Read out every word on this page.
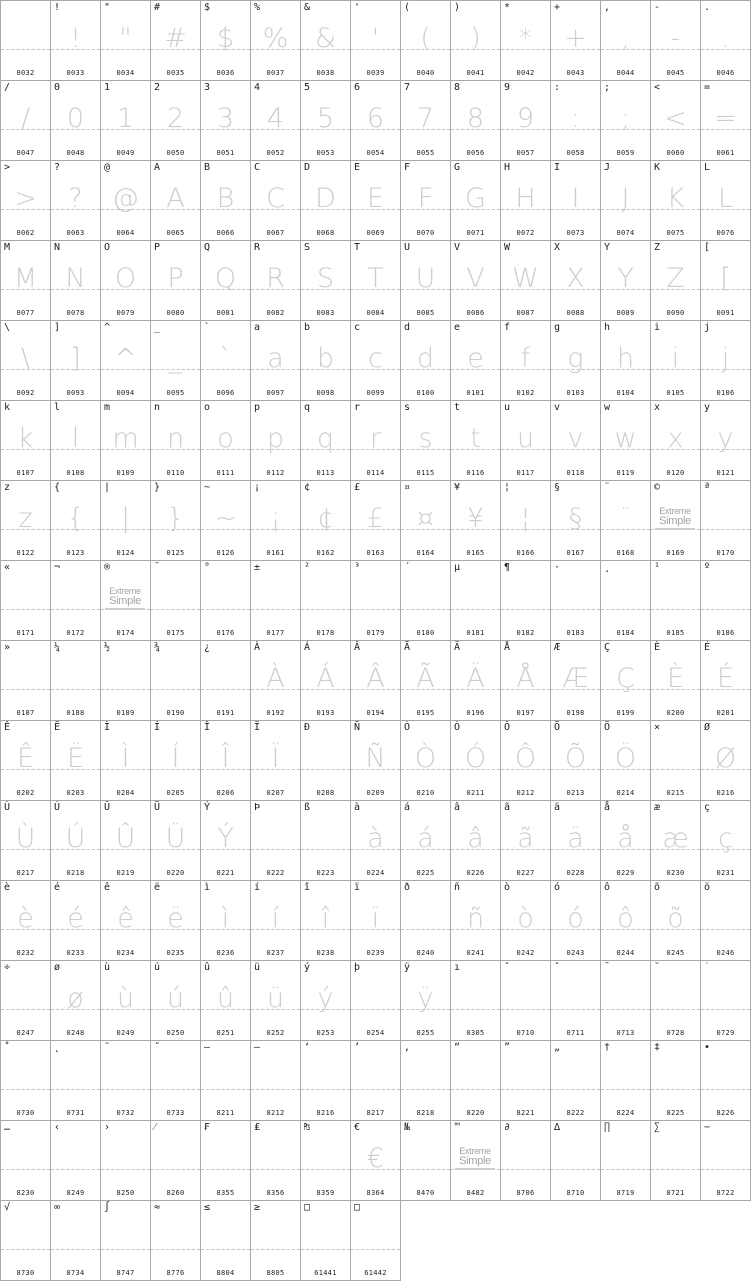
0032
!
!
0033
"
"
0034
#
#
0035
$
$
0036
%
%
0037
&
&
0038
'
'
0039
(
(
0040
)
)
0041
*
*
0042
+
+
0043
,
,
0044
-
-
0045
.
.
0046
/
/
0047
0
0
0048
1
1
0049
2
2
0050
3
3
0051
4
4
0052
5
5
0053
6
6
0054
7
7
0055
8
8
0056
9
9
0057
:
:
0058
;
;
0059
<
<
0060
=
=
0061
>
>
0062
?
?
0063
@
@
0064
A
A
0065
B
B
0066
C
C
0067
D
D
0068
E
E
0069
F
F
0070
G
G
0071
H
H
0072
I
I
0073
J
J
0074
K
K
0075
L
L
0076
M
M
0077
N
N
0078
O
O
0079
P
P
0080
Q
Q
0081
R
R
0082
S
S
0083
T
T
0084
U
U
0085
V
V
0086
W
W
0087
X
X
0088
Y
Y
0089
Z
Z
0090
[
[
0091
\
\
0092
]
]
0093
^
^
0094
_
_
0095
`
`
0096
a
a
0097
b
b
0098
c
c
0099
d
d
0100
e
e
0101
f
f
0102
g
g
0103
h
h
0104
i
i
0105
j
j
0106
k
k
0107
l
l
0108
m
m
0109
n
n
0110
o
o
0111
p
p
0112
q
q
0113
r
r
0114
s
s
0115
t
t
0116
u
u
0117
v
v
0118
w
w
0119
x
x
0120
y
y
0121
z
z
0122
{
{
0123
|
|
0124
}
}
0125
~
~
0126
¡
¡
0161
¢
¢
0162
£
£
0163
¤
¤
0164
¥
¥
0165
¦
¦
0166
§
§
0167
¨
¨
0168
©
Extreme
Simple
0169
ª
0170
«
0171
¬
0172
®
Extreme
Simple
0174
¯
0175
°
0176
±
0177
²
0178
³
0179
´
0180
µ
0181
¶
0182
·
0183
¸
0184
¹
0185
º
0186
»
0187
¼
0188
½
0189
¾
0190
¿
0191
À
À
0192
Á
Á
0193
Â
Â
0194
Ã
Ã
0195
Ä
Ä
0196
Å
Å
0197
Æ
Æ
0198
Ç
Ç
0199
È
È
0200
É
É
0201
Ê
Ê
0202
Ë
Ë
0203
Ì
Ì
0204
Í
Í
0205
Î
Î
0206
Ï
Ï
0207
Ð
0208
Ñ
Ñ
0209
Ò
Ò
0210
Ó
Ó
0211
Ô
Ô
0212
Õ
Õ
0213
Ö
Ö
0214
×
0215
Ø
Ø
0216
Ù
Ù
0217
Ú
Ú
0218
Û
Û
0219
Ü
Ü
0220
Ý
Ý
0221
Þ
0222
ß
0223
à
à
0224
á
á
0225
â
â
0226
ã
ã
0227
ä
ä
0228
å
å
0229
æ
æ
0230
ç
ç
0231
è
è
0232
é
é
0233
ê
ê
0234
ë
ë
0235
ì
ì
0236
í
í
0237
î
î
0238
ï
ï
0239
ð
0240
ñ
ñ
0241
ò
ò
0242
ó
ó
0243
ô
ô
0244
õ
õ
0245
ö
0246
÷
0247
ø
ø
0248
ù
ù
0249
ú
ú
0250
û
û
0251
ü
ü
0252
ý
ý
0253
þ
0254
ÿ
ÿ
0255
ı
0305
ˆ
0710
ˇ
0711
ˉ
0713
˘
0728
˙
0729
˚
0730
˛
0731
˜
0732
˝
0733
–
8211
—
8212
‘
8216
’
8217
‚
8218
“
8220
”
8221
„
8222
†
8224
‡
8225
•
8226
…
8230
‹
8249
›
8250
⁄
8260
₣
8355
₤
8356
₧
8359
€
€
8364
№
8470
™
Extreme
Simple
8482
∂
8706
∆
8710
∏
8719
∑
8721
−
8722
√
8730
∞
8734
∫
8747
≈
8776
≤
8804
≥
8805
□
61441
□
61442
